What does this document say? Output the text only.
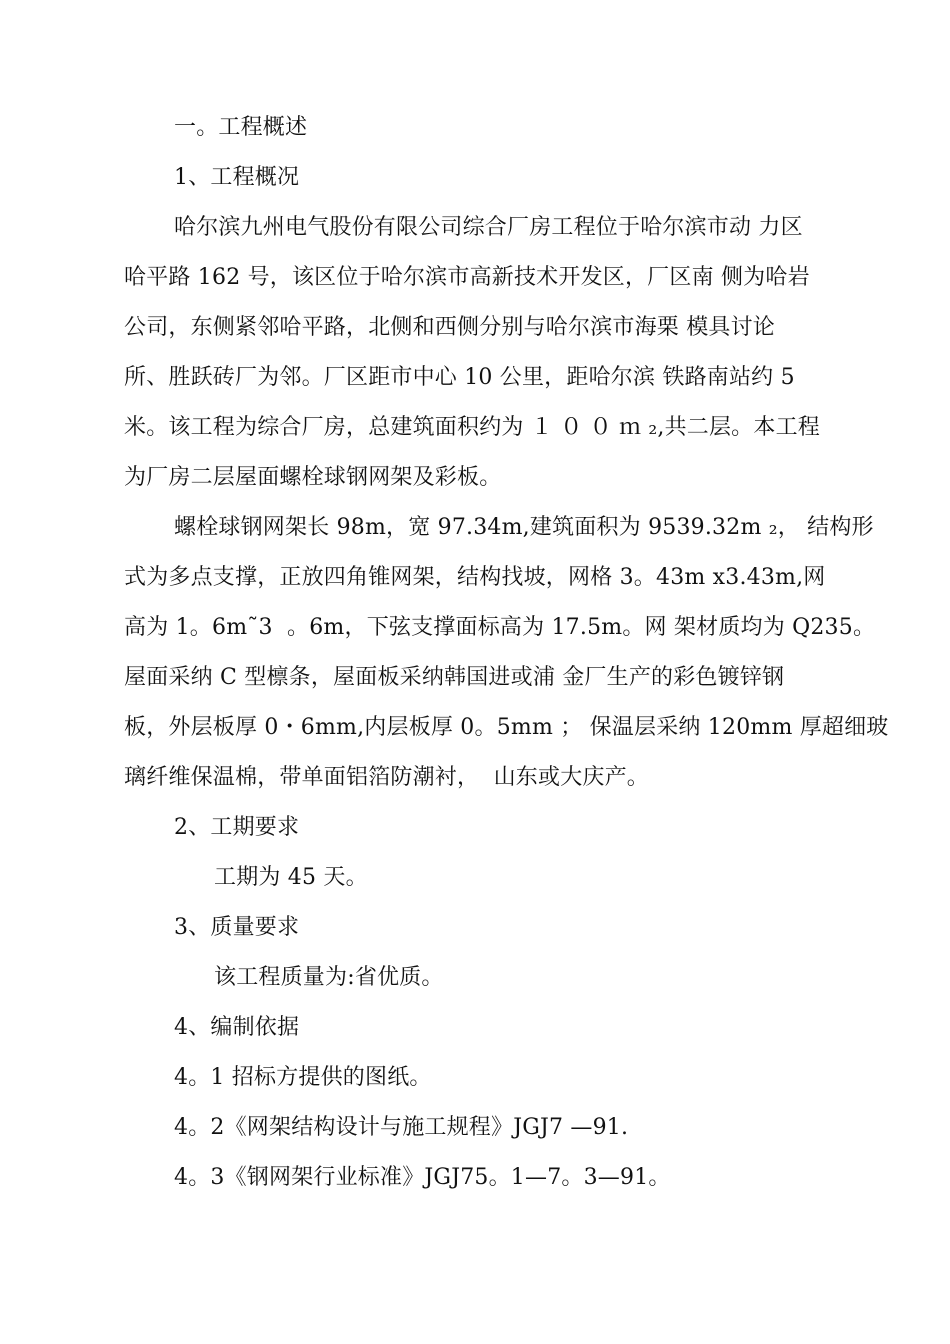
一。工程概述
1、工程概况
哈尔滨九州电气股份有限公司综合厂房工程位于哈尔滨市动 力区
哈平路 162 号，该区位于哈尔滨市高新技术开发区，厂区南 侧为哈岩
公司，东侧紧邻哈平路，北侧和西侧分别与哈尔滨市海栗 模具讨论
所、胜跃砖厂为邻。厂区距市中心 10 公里，距哈尔滨 铁路南站约 5
米。该工程为综合厂房，总建筑面积约为 １ ０ ０ ｍ ₂,共二层。本工程
为厂房二层屋面螺栓球钢网架及彩板。
螺栓球钢网架长 98m，宽 97.34m,建筑面积为 9539.32m ₂， 结构形
式为多点支撑，正放四角锥网架，结构找坡，网格 3。43m x3.43m,网
高为 1。6m˜3  。6m，下弦支撑面标高为 17.5m。网 架材质均为 Q235。
屋面采纳 C 型檩条，屋面板采纳韩国进或浦 金厂生产的彩色镀锌钢
板，外层板厚 0・6mm,内层板厚 0。5mm ； 保温层采纳 120mm 厚超细玻
璃纤维保温棉，带单面铝箔防潮衬，  山东或大庆产。
2、工期要求
工期为 45 天。
3、质量要求
该工程质量为:省优质。
4、编制依据
4。1 招标方提供的图纸。
4。2《网架结构设计与施工规程》JGJ7 —91.
4。3《钢网架行业标准》JGJ75。1—7。3—91。
